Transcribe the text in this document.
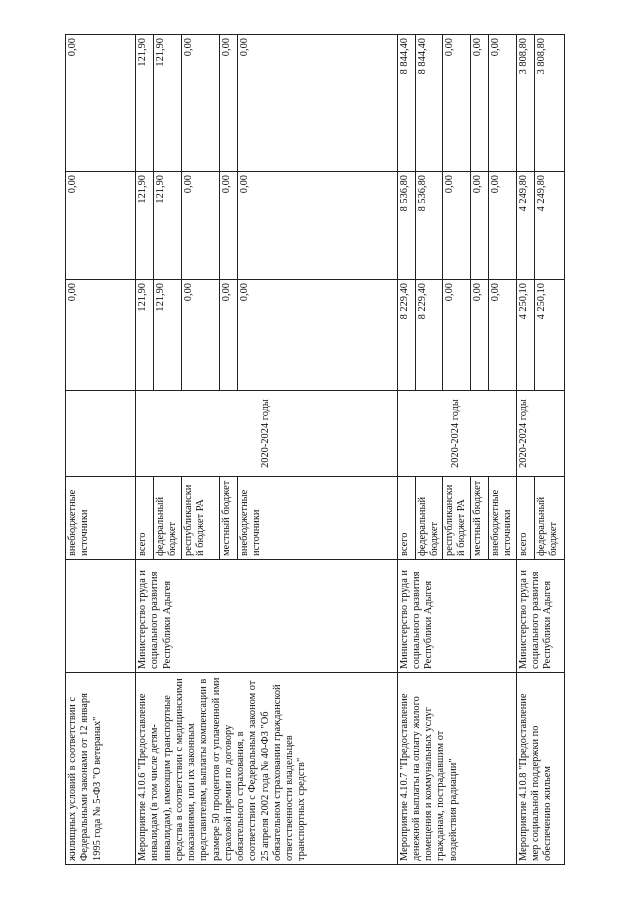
жилищных условий в соответствии с Федеральными законами от 12 января 1995 года № 5-ФЗ "О ветеранах"		внебюджетные источники		0,00	0,00	0,00
Мероприятие 4.10.6 "Предоставление инвалидам (в том числе детям-инвалидам), имеющим транспортные средства в соответствии с медицинскими показаниями, или их законным представителям, выплаты компенсации в размере 50 процентов от уплаченной ими страховой премии по договору обязательного страхования, в соответствии с Федеральным законом от 25 апреля 2002 года № 40-ФЗ "Об обязательном страховании гражданской ответственности владельцев транспортных средств"	Министерство труда и социального развития Республики Адыгея	всего	2020-2024 годы	121,90	121,90	121,90
		федеральный бюджет		121,90	121,90	121,90
		республиканский бюджет РА		0,00	0,00	0,00
		местный бюджет		0,00	0,00	0,00
		внебюджетные источники		0,00	0,00	0,00
Мероприятие 4.10.7 "Предоставление денежной выплаты на оплату жилого помещения и коммунальных услуг гражданам, пострадавшим от воздействия радиации"	Министерство труда и социального развития Республики Адыгея	всего	2020-2024 годы	8 229,40	8 536,80	8 844,40
		федеральный бюджет		8 229,40	8 536,80	8 844,40
		республиканский бюджет РА		0,00	0,00	0,00
		местный бюджет		0,00	0,00	0,00
		внебюджетные источники		0,00	0,00	0,00
Мероприятие 4.10.8 "Предоставление мер социальной поддержки по обеспечению жильем	Министерство труда и социального развития Республики Адыгея	всего	2020-2024 годы	4 250,10	4 249,80	3 808,80
		федеральный бюджет		4 250,10	4 249,80	3 808,80
